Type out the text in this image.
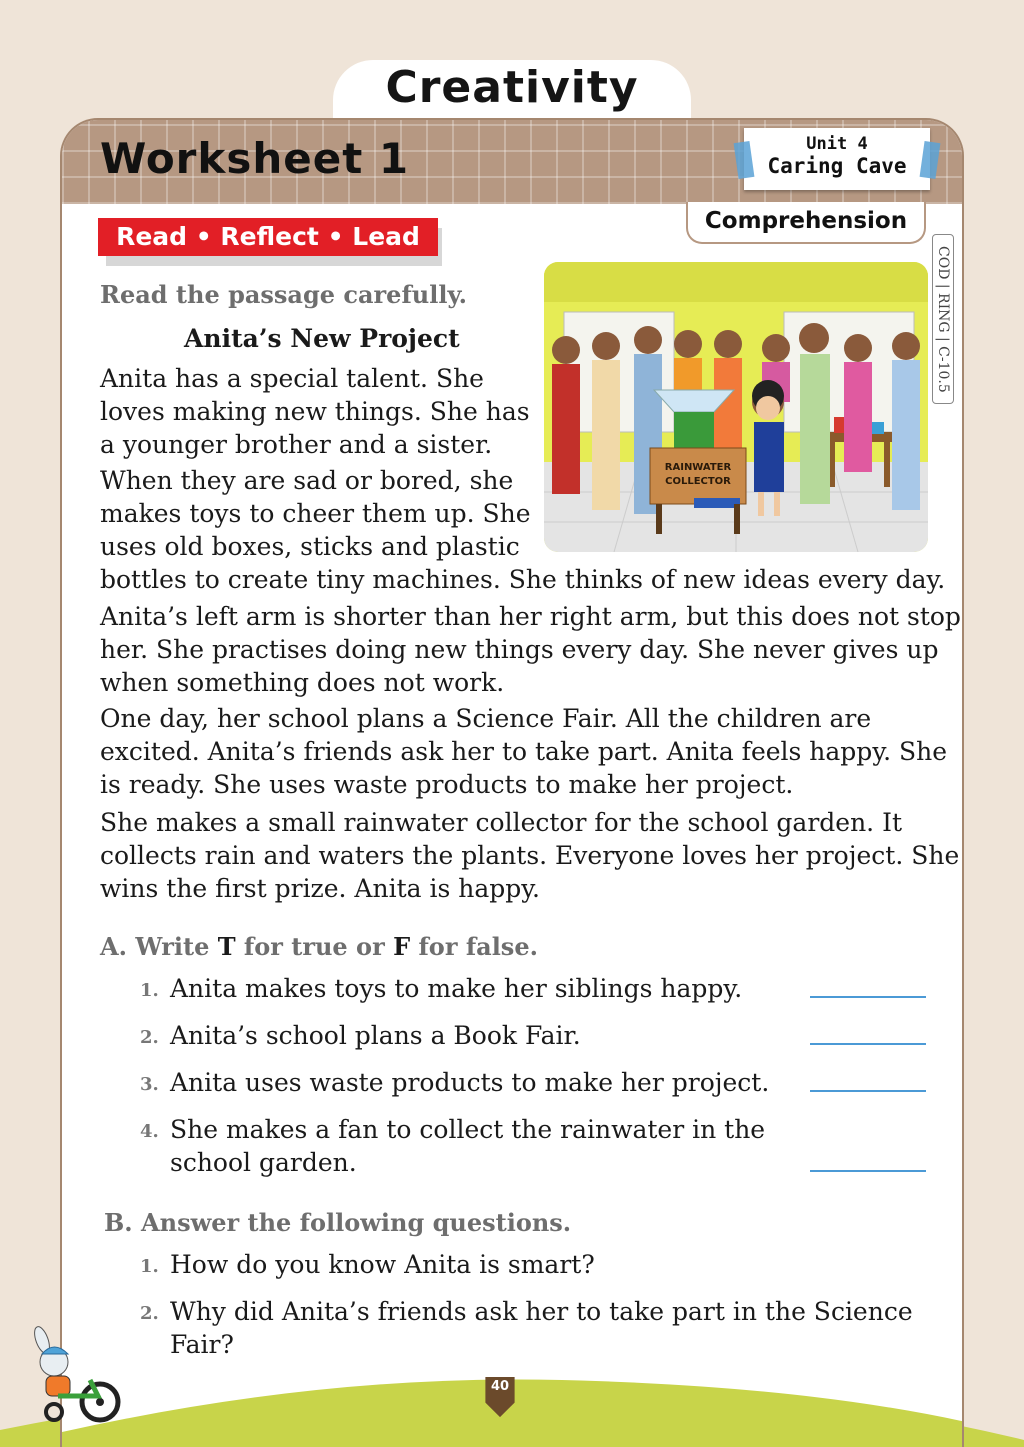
Creativity
Worksheet 1	Unit 4
Caring Cave
Comprehension
Read • Reflect • Lead
COD | RING | C-10.5
RAINWATER
COLLECTOR
Read the passage carefully.
Anita’s New Project
Anita has a special talent. She
loves making new things. She has
a younger brother and a sister.
When they are sad or bored, she
makes toys to cheer them up. She
uses old boxes, sticks and plastic
bottles to create tiny machines. She thinks of new ideas every day.
Anita’s left arm is shorter than her right arm, but this does not stop
her. She practises doing new things every day. She never gives up
when something does not work.
One day, her school plans a Science Fair. All the children are
excited. Anita’s friends ask her to take part. Anita feels happy. She
is ready. She uses waste products to make her project.
She makes a small rainwater collector for the school garden. It
collects rain and waters the plants. Everyone loves her project. She
wins the first prize. Anita is happy.
A. Write T for true or F for false.
1. Anita makes toys to make her siblings happy.
2. Anita’s school plans a Book Fair.
3. Anita uses waste products to make her project.
4. She makes a fan to collect the rainwater in the
school garden.
B. Answer the following questions.
1. How do you know Anita is smart?
2. Why did Anita’s friends ask her to take part in the Science
Fair?
40
